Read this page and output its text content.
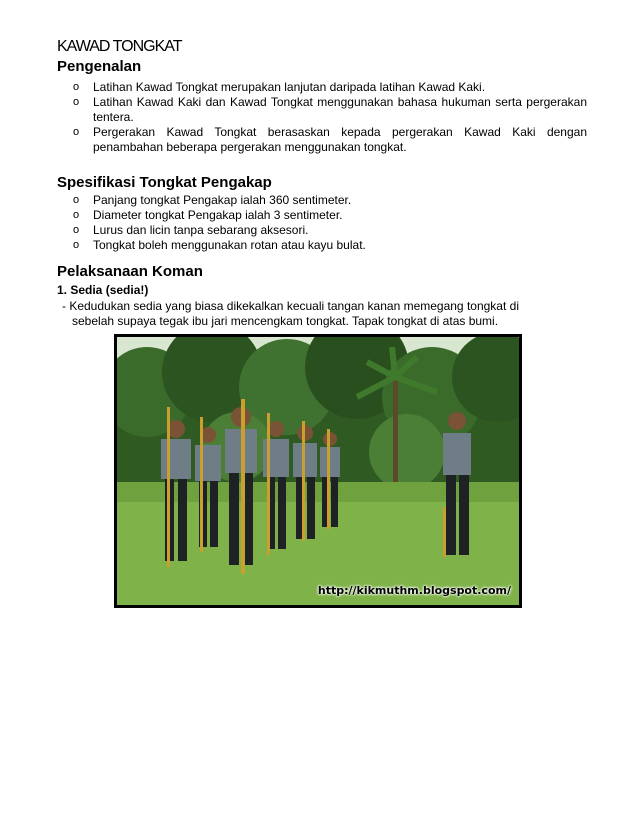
KAWAD TONGKAT
Pengenalan
o Latihan Kawad Tongkat merupakan lanjutan daripada latihan Kawad Kaki.
o Latihan Kawad Kaki dan Kawad Tongkat menggunakan bahasa hukuman serta pergerakan tentera.
o Pergerakan Kawad Tongkat berasaskan kepada pergerakan Kawad Kaki dengan penambahan beberapa pergerakan menggunakan tongkat.
Spesifikasi Tongkat Pengakap
o Panjang tongkat Pengakap ialah 360 sentimeter.
o Diameter tongkat Pengakap ialah 3 sentimeter.
o Lurus dan licin tanpa sebarang aksesori.
o Tongkat boleh menggunakan rotan atau kayu bulat.
Pelaksanaan Koman
1. Sedia (sedia!)
- Kedudukan sedia yang biasa dikekalkan kecuali tangan kanan memegang tongkat di
sebelah supaya tegak ibu jari mencengkam tongkat. Tapak tongkat di atas bumi.
http://kikmuthm.blogspot.com/
